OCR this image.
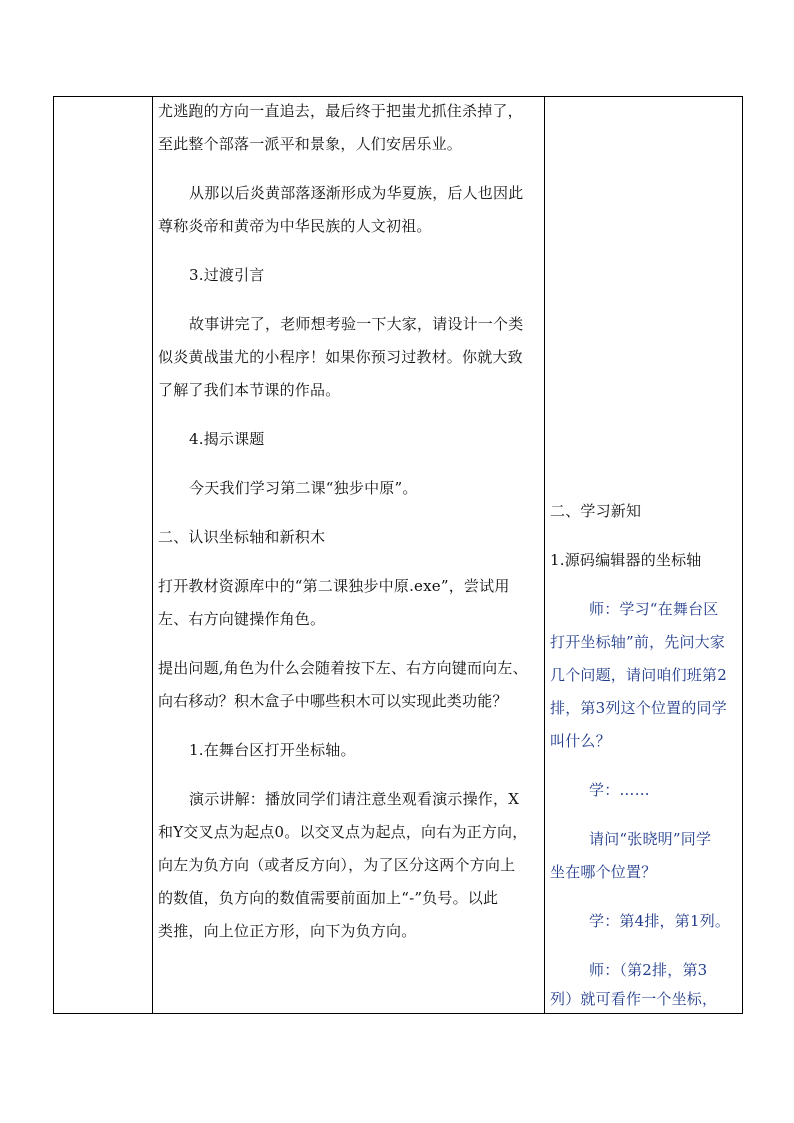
尤逃跑的方向一直追去，最后终于把蚩尤抓住杀掉了，
至此整个部落一派平和景象，人们安居乐业。
从那以后炎黄部落逐渐形成为华夏族，后人也因此
尊称炎帝和黄帝为中华民族的人文初祖。
3.过渡引言
故事讲完了，老师想考验一下大家，请设计一个类
似炎黄战蚩尤的小程序！如果你预习过教材。你就大致
了解了我们本节课的作品。
4.揭示课题
今天我们学习第二课“独步中原”。
二、认识坐标轴和新积木
打开教材资源库中的“第二课独步中原.exe”，尝试用
左、右方向键操作角色。
提出问题,角色为什么会随着按下左、右方向键而向左、
向右移动？积木盒子中哪些积木可以实现此类功能？
1.在舞台区打开坐标轴。
演示讲解：播放同学们请注意坐观看演示操作，X
和Y交叉点为起点0。以交叉点为起点，向右为正方向，
向左为负方向（或者反方向），为了区分这两个方向上
的数值，负方向的数值需要前面加上“-”负号。以此
类推，向上位正方形，向下为负方向。
二、学习新知
1.源码编辑器的坐标轴
师：学习“在舞台区
打开坐标轴”前，先问大家
几个问题，请问咱们班第2
排，第3列这个位置的同学
叫什么？
学：……
请问“张晓明”同学
坐在哪个位置？
学：第4排，第1列。
师：（第2排，第3
列）就可看作一个坐标，
